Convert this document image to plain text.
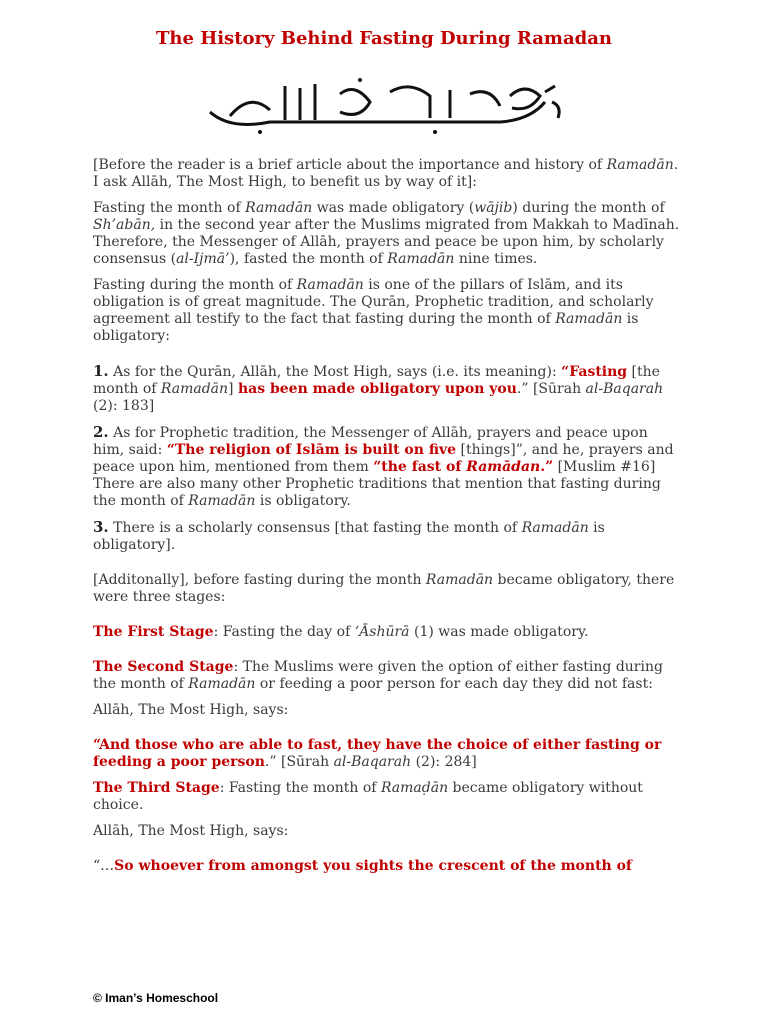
The History Behind Fasting During Ramadan

[Before the reader is a brief article about the importance and history of Ramadān. I ask Allāh, The Most High, to benefit us by way of it]:

Fasting the month of Ramadān was made obligatory (wājib) during the month of Sh’abān, in the second year after the Muslims migrated from Makkah to Madīnah. Therefore, the Messenger of Allāh, prayers and peace be upon him, by scholarly consensus (al-Ijmā’), fasted the month of Ramadān nine times.

Fasting during the month of Ramadān is one of the pillars of Islām, and its obligation is of great magnitude. The Qurān, Prophetic tradition, and scholarly agreement all testify to the fact that fasting during the month of Ramadān is obligatory:

1. As for the Qurān, Allāh, the Most High, says (i.e. its meaning): “Fasting [the month of Ramadān] has been made obligatory upon you.” [Sūrah al-Baqarah (2): 183]

2. As for Prophetic tradition, the Messenger of Allāh, prayers and peace upon him, said: “The religion of Islām is built on five [things]”, and he, prayers and peace upon him, mentioned from them “the fast of Ramādan.” [Muslim #16] There are also many other Prophetic traditions that mention that fasting during the month of Ramadān is obligatory.

3. There is a scholarly consensus [that fasting the month of Ramadān is obligatory].

[Additonally], before fasting during the month Ramadān became obligatory, there were three stages:

The First Stage: Fasting the day of ‘Āshūrā (1) was made obligatory.

The Second Stage: The Muslims were given the option of either fasting during the month of Ramadān or feeding a poor person for each day they did not fast:

Allāh, The Most High, says:

“And those who are able to fast, they have the choice of either fasting or feeding a poor person.” [Sūrah al-Baqarah (2): 284]

The Third Stage: Fasting the month of Ramaḍān became obligatory without choice.

Allāh, The Most High, says:

“…So whoever from amongst you sights the crescent of the month of

© Iman’s Homeschool
